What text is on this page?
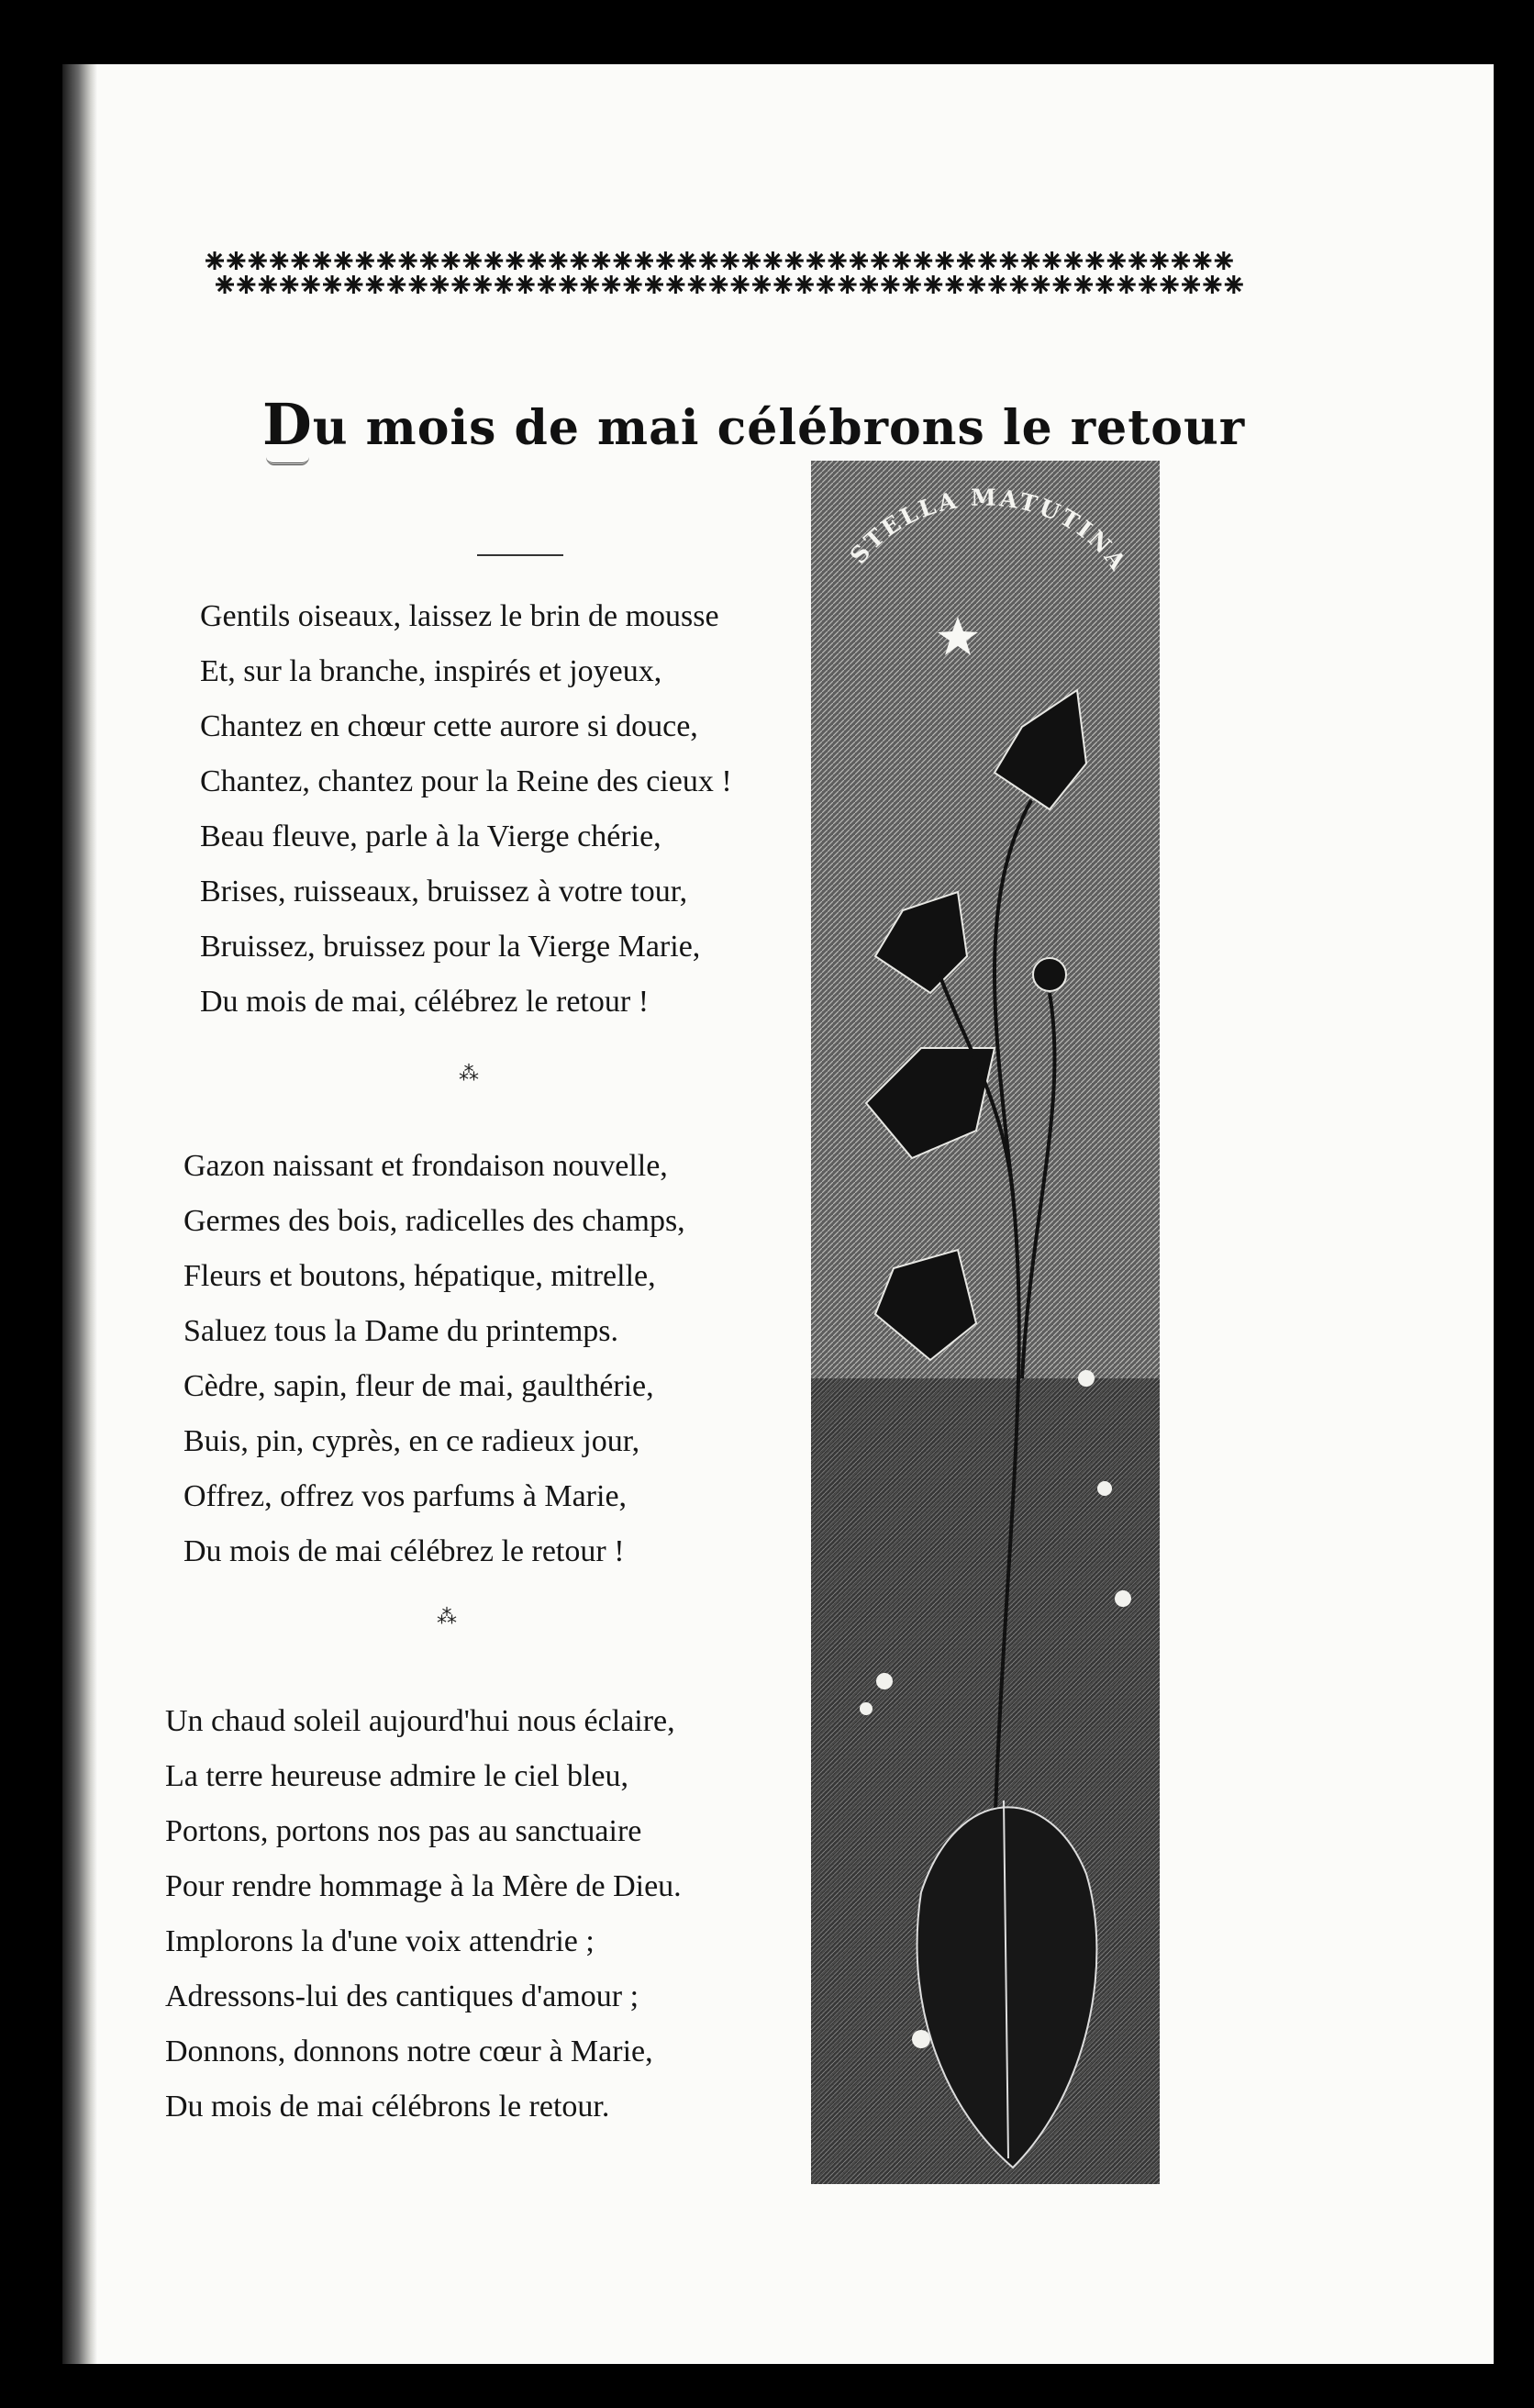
Du mois de mai célébrons le retour
Gentils oiseaux, laissez le brin de mousse
Et, sur la branche, inspirés et joyeux,
Chantez en chœur cette aurore si douce,
Chantez, chantez pour la Reine des cieux !
Beau fleuve, parle à la Vierge chérie,
Brises, ruisseaux, bruissez à votre tour,
Bruissez, bruissez pour la Vierge Marie,
Du mois de mai, célébrez le retour !
⁂
Gazon naissant et frondaison nouvelle,
Germes des bois, radicelles des champs,
Fleurs et boutons, hépatique, mitrelle,
Saluez tous la Dame du printemps.
Cèdre, sapin, fleur de mai, gaulthérie,
Buis, pin, cyprès, en ce radieux jour,
Offrez, offrez vos parfums à Marie,
Du mois de mai célébrez le retour !
⁂
Un chaud soleil aujourd'hui nous éclaire,
La terre heureuse admire le ciel bleu,
Portons, portons nos pas au sanctuaire
Pour rendre hommage à la Mère de Dieu.
Implorons la d'une voix attendrie ;
Adressons-lui des cantiques d'amour ;
Donnons, donnons notre cœur à Marie,
Du mois de mai célébrons le retour.
STELLA MATUTINA
